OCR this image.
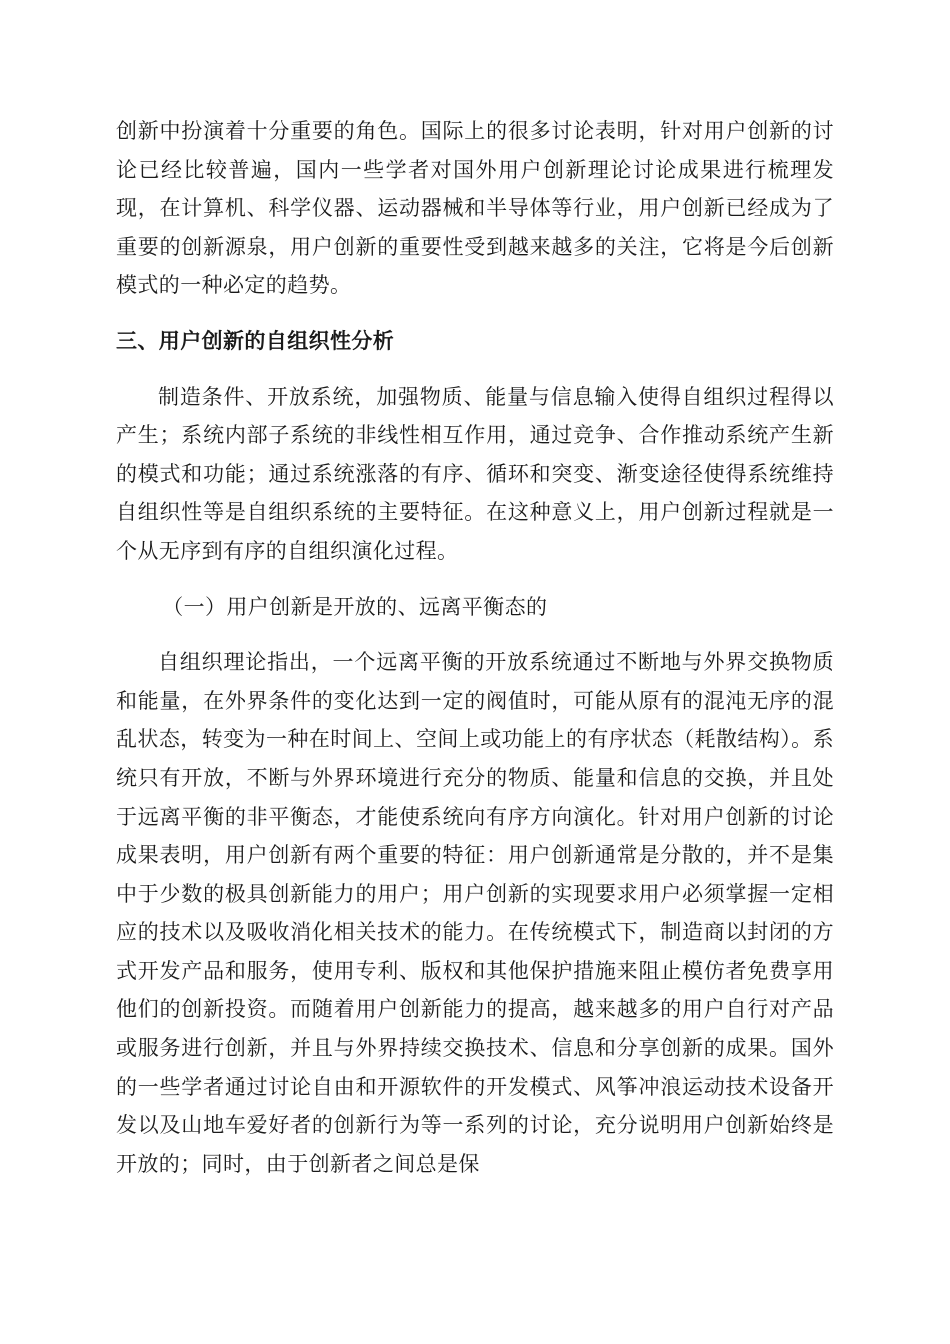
创新中扮演着十分重要的角色。国际上的很多讨论表明，针对用户创新的讨论已经比较普遍，国内一些学者对国外用户创新理论讨论成果进行梳理发现，在计算机、科学仪器、运动器械和半导体等行业，用户创新已经成为了重要的创新源泉，用户创新的重要性受到越来越多的关注，它将是今后创新模式的一种必定的趋势。

三、用户创新的自组织性分析

制造条件、开放系统，加强物质、能量与信息输入使得自组织过程得以产生；系统内部子系统的非线性相互作用，通过竞争、合作推动系统产生新的模式和功能；通过系统涨落的有序、循环和突变、渐变途径使得系统维持自组织性等是自组织系统的主要特征。在这种意义上，用户创新过程就是一个从无序到有序的自组织演化过程。

（一）用户创新是开放的、远离平衡态的

自组织理论指出，一个远离平衡的开放系统通过不断地与外界交换物质和能量，在外界条件的变化达到一定的阀值时，可能从原有的混沌无序的混乱状态，转变为一种在时间上、空间上或功能上的有序状态（耗散结构）。系统只有开放，不断与外界环境进行充分的物质、能量和信息的交换，并且处于远离平衡的非平衡态，才能使系统向有序方向演化。针对用户创新的讨论成果表明，用户创新有两个重要的特征：用户创新通常是分散的，并不是集中于少数的极具创新能力的用户；用户创新的实现要求用户必须掌握一定相应的技术以及吸收消化相关技术的能力。在传统模式下，制造商以封闭的方式开发产品和服务，使用专利、版权和其他保护措施来阻止模仿者免费享用他们的创新投资。而随着用户创新能力的提高，越来越多的用户自行对产品或服务进行创新，并且与外界持续交换技术、信息和分享创新的成果。国外的一些学者通过讨论自由和开源软件的开发模式、风筝冲浪运动技术设备开发以及山地车爱好者的创新行为等一系列的讨论，充分说明用户创新始终是开放的；同时，由于创新者之间总是保
